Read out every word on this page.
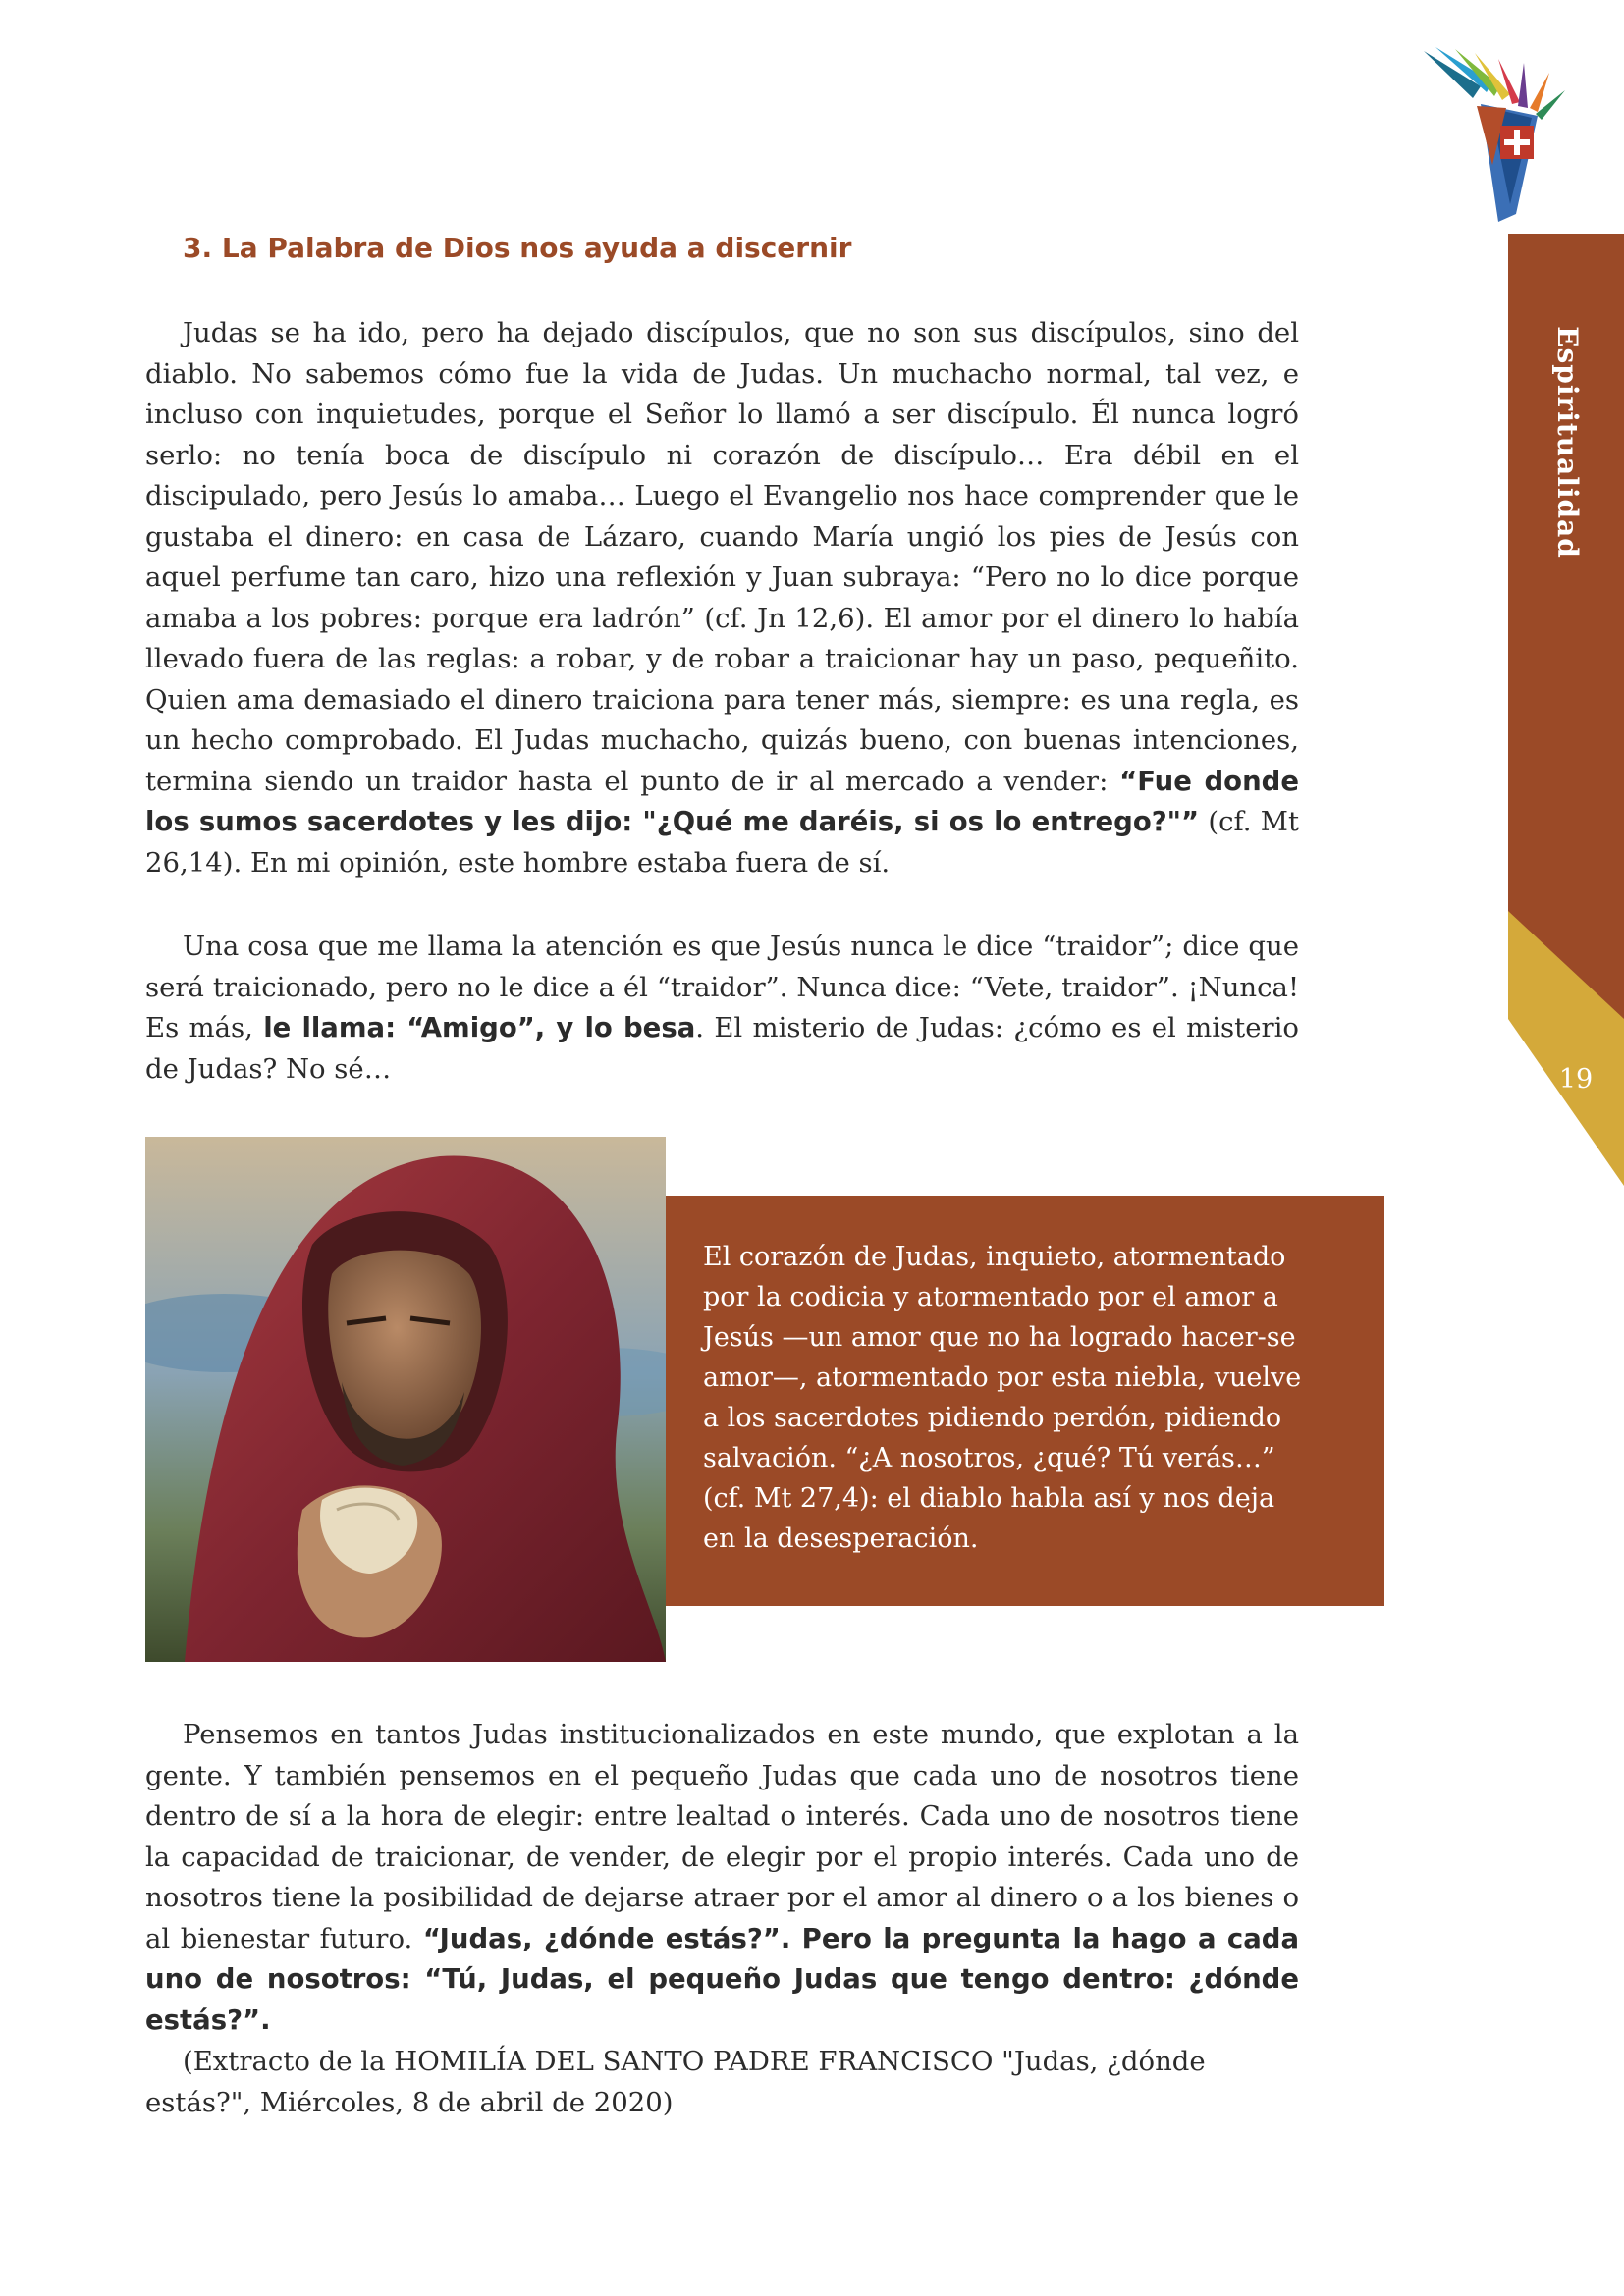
Espiritualidad
19
3. La Palabra de Dios nos ayuda a discernir

Judas se ha ido, pero ha dejado discípulos, que no son sus discípulos, sino del diablo. No sabemos cómo fue la vida de Judas. Un muchacho normal, tal vez, e incluso con inquietudes, porque el Señor lo llamó a ser discípulo. Él nunca logró serlo: no tenía boca de discípulo ni corazón de discípulo… Era débil en el discipulado, pero Jesús lo amaba… Luego el Evangelio nos hace comprender que le gustaba el dinero: en casa de Lázaro, cuando María ungió los pies de Jesús con aquel perfume tan caro, hizo una reflexión y Juan subraya: “Pero no lo dice porque amaba a los pobres: porque era ladrón” (cf. Jn 12,6). El amor por el dinero lo había llevado fuera de las reglas: a robar, y de robar a traicionar hay un paso, pequeñito. Quien ama demasiado el dinero traiciona para tener más, siempre: es una regla, es un hecho comprobado. El Judas muchacho, quizás bueno, con buenas intenciones, termina siendo un traidor hasta el punto de ir al mercado a vender: “Fue donde los sumos sacerdotes y les dijo: "¿Qué me daréis, si os lo entrego?"” (cf. Mt 26,14). En mi opinión, este hombre estaba fuera de sí.

Una cosa que me llama la atención es que Jesús nunca le dice “traidor”; dice que será traicionado, pero no le dice a él “traidor”. Nunca dice: “Vete, traidor”. ¡Nunca! Es más, le llama: “Amigo”, y lo besa. El misterio de Judas: ¿cómo es el misterio de Judas? No sé…

El corazón de Judas, inquieto, atormentado por la codicia y atormentado por el amor a Jesús —un amor que no ha logrado hacer-se amor—, atormentado por esta niebla, vuelve a los sacerdotes pidiendo perdón, pidiendo salvación. “¿A nosotros, ¿qué? Tú verás…” (cf. Mt 27,4): el diablo habla así y nos deja en la desesperación.

Pensemos en tantos Judas institucionalizados en este mundo, que explotan a la gente. Y también pensemos en el pequeño Judas que cada uno de nosotros tiene dentro de sí a la hora de elegir: entre lealtad o interés. Cada uno de nosotros tiene la capacidad de traicionar, de vender, de elegir por el propio interés. Cada uno de nosotros tiene la posibilidad de dejarse atraer por el amor al dinero o a los bienes o al bienestar futuro. “Judas, ¿dónde estás?”. Pero la pregunta la hago a cada uno de nosotros: “Tú, Judas, el pequeño Judas que tengo dentro: ¿dónde estás?”.

(Extracto de la HOMILÍA DEL SANTO PADRE FRANCISCO "Judas, ¿dónde estás?", Miércoles, 8 de abril de 2020)
